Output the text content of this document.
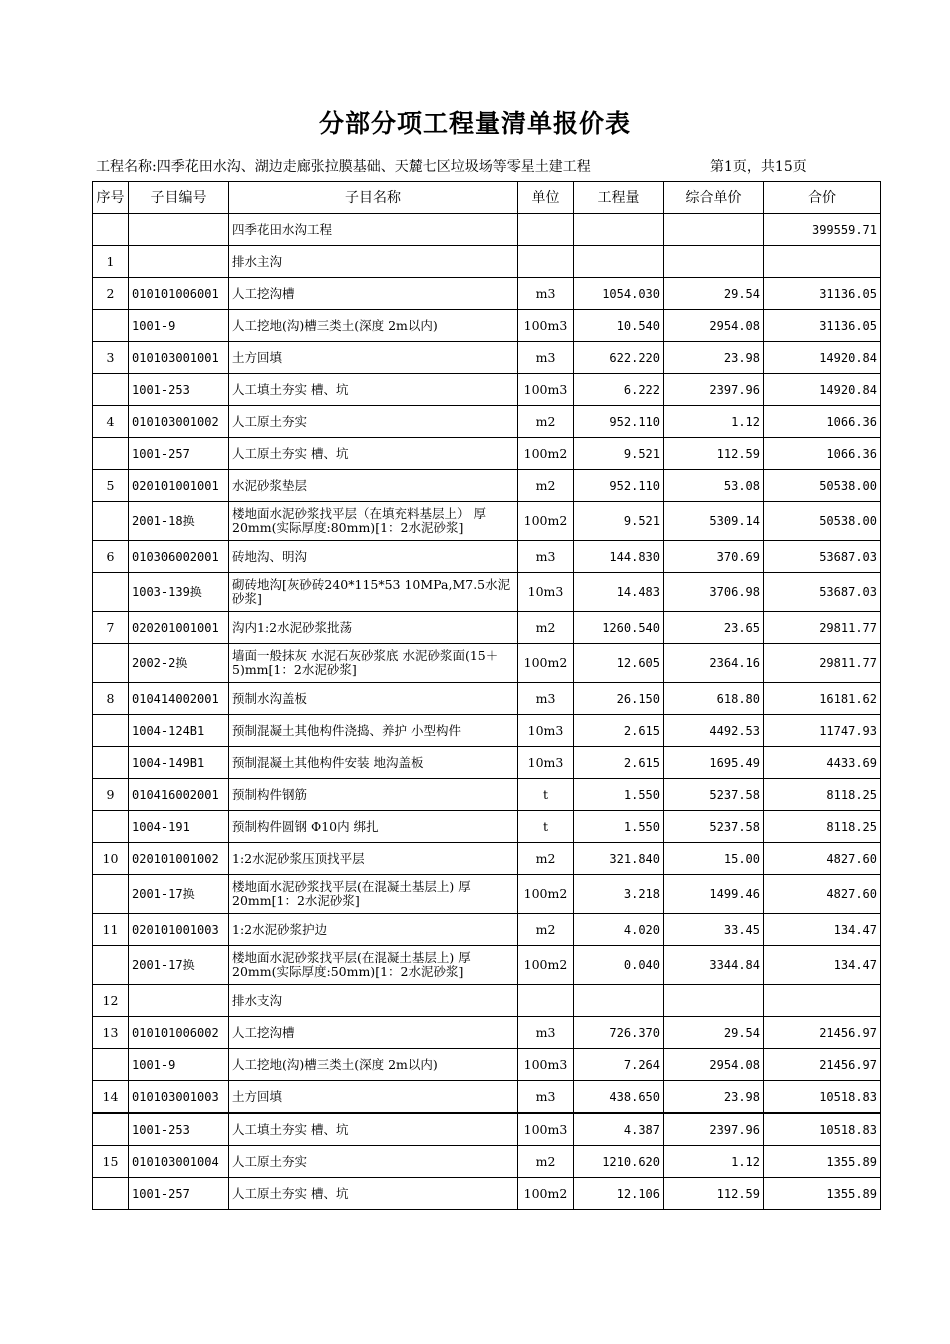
分部分项工程量清单报价表
工程名称:四季花田水沟、湖边走廊张拉膜基础、天麓七区垃圾场等零星土建工程	第1页，共15页
序号	子目编号	子目名称	单位	工程量	综合单价	合价
		四季花田水沟工程				399559.71
1		排水主沟				
2	010101006001	人工挖沟槽	m3	1054.030	29.54	31136.05
	1001-9	人工挖地(沟)槽三类土(深度 2m以内)	100m3	10.540	2954.08	31136.05
3	010103001001	土方回填	m3	622.220	23.98	14920.84
	1001-253	人工填土夯实 槽、坑	100m3	6.222	2397.96	14920.84
4	010103001002	人工原土夯实	m2	952.110	1.12	1066.36
	1001-257	人工原土夯实 槽、坑	100m2	9.521	112.59	1066.36
5	020101001001	水泥砂浆垫层	m2	952.110	53.08	50538.00
	2001-18换	楼地面水泥砂浆找平层（在填充料基层上） 厚20mm(实际厚度:80mm)[1：2水泥砂浆]	100m2	9.521	5309.14	50538.00
6	010306002001	砖地沟、明沟	m3	144.830	370.69	53687.03
	1003-139换	砌砖地沟[灰砂砖240*115*53 10MPa,M7.5水泥砂浆]	10m3	14.483	3706.98	53687.03
7	020201001001	沟内1:2水泥砂浆批荡	m2	1260.540	23.65	29811.77
	2002-2换	墙面一般抹灰 水泥石灰砂浆底 水泥砂浆面(15＋5)mm[1：2水泥砂浆]	100m2	12.605	2364.16	29811.77
8	010414002001	预制水沟盖板	m3	26.150	618.80	16181.62
	1004-124B1	预制混凝土其他构件浇捣、养护 小型构件	10m3	2.615	4492.53	11747.93
	1004-149B1	预制混凝土其他构件安装 地沟盖板	10m3	2.615	1695.49	4433.69
9	010416002001	预制构件钢筋	t	1.550	5237.58	8118.25
	1004-191	预制构件圆钢 Φ10内 绑扎	t	1.550	5237.58	8118.25
10	020101001002	1:2水泥砂浆压顶找平层	m2	321.840	15.00	4827.60
	2001-17换	楼地面水泥砂浆找平层(在混凝土基层上) 厚20mm[1：2水泥砂浆]	100m2	3.218	1499.46	4827.60
11	020101001003	1:2水泥砂浆护边	m2	4.020	33.45	134.47
	2001-17换	楼地面水泥砂浆找平层(在混凝土基层上) 厚20mm(实际厚度:50mm)[1：2水泥砂浆]	100m2	0.040	3344.84	134.47
12		排水支沟				
13	010101006002	人工挖沟槽	m3	726.370	29.54	21456.97
	1001-9	人工挖地(沟)槽三类土(深度 2m以内)	100m3	7.264	2954.08	21456.97
14	010103001003	土方回填	m3	438.650	23.98	10518.83
	1001-253	人工填土夯实 槽、坑	100m3	4.387	2397.96	10518.83
15	010103001004	人工原土夯实	m2	1210.620	1.12	1355.89
	1001-257	人工原土夯实 槽、坑	100m2	12.106	112.59	1355.89
